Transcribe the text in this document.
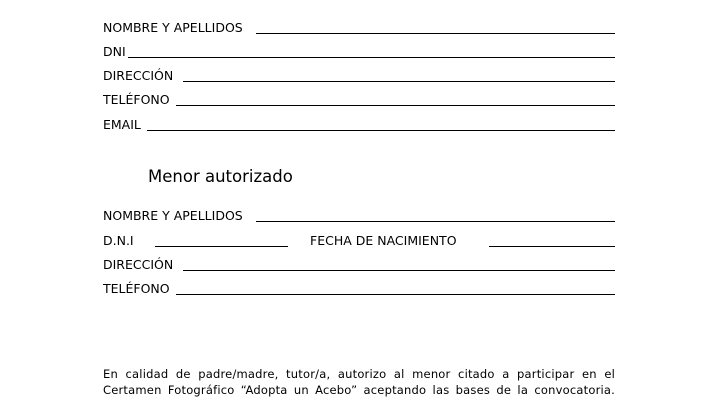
NOMBRE Y APELLIDOS
DNI
DIRECCIÓN
TELÉFONO
EMAIL
Menor autorizado
NOMBRE Y APELLIDOS
D.N.I	FECHA DE NACIMIENTO
DIRECCIÓN
TELÉFONO
En calidad de padre/madre, tutor/a, autorizo al menor citado a participar en el
Certamen Fotográfico “Adopta un Acebo” aceptando las bases de la convocatoria.
